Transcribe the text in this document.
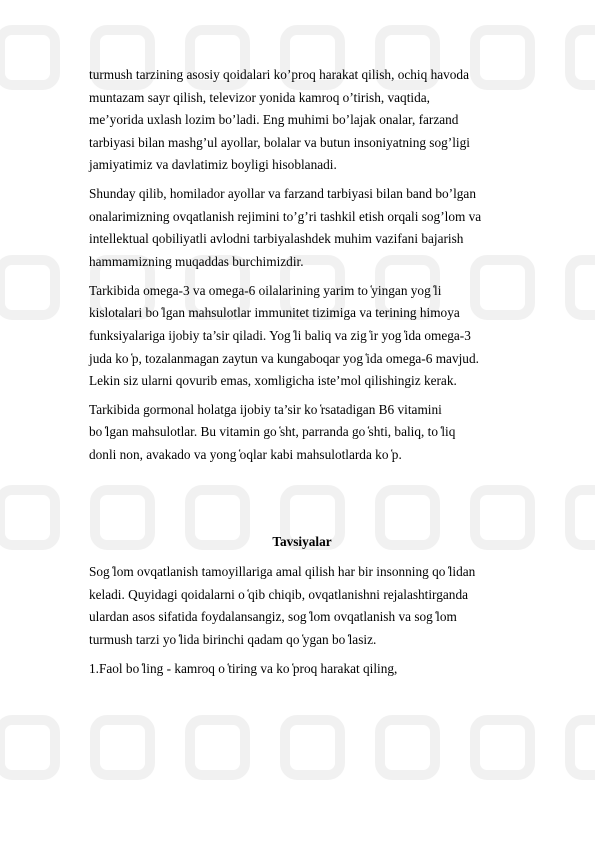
turmush tarzining asosiy qoidalari ko’proq harakat qilish, ochiq havoda
muntazam sayr qilish, televizor yonida kamroq o’tirish, vaqtida,
me’yorida uxlash lozim bo’ladi. Eng muhimi bo’lajak onalar, farzand
tarbiyasi bilan mashg’ul ayollar, bolalar va butun insoniyatning sog’ligi
jamiyatimiz va davlatimiz boyligi hisoblanadi.
Shunday qilib, homilador ayollar va farzand tarbiyasi bilan band bo’lgan
onalarimizning ovqatlanish rejimini to’g’ri tashkil etish orqali sog’lom va
intellektual qobiliyatli avlodni tarbiyalashdek muhim vazifani bajarish
hammamizning muqaddas burchimizdir.
Tarkibida omega-3 va omega-6 oilalarining yarim to ̒yingan yog ̒li
kislotalari bo ̒lgan mahsulotlar immunitet tizimiga va terining himoya
funksiyalariga ijobiy ta’sir qiladi. Yog ̒li baliq va zig ̒ir yog ̒ida omega-3
juda ko ̒p, tozalanmagan zaytun va kungaboqar yog ̒ida omega-6 mavjud.
Lekin siz ularni qovurib emas, xomligicha iste’mol qilishingiz kerak.
Tarkibida gormonal holatga ijobiy ta’sir ko ̒rsatadigan B6 vitamini
bo ̒lgan mahsulotlar. Bu vitamin go ̒sht, parranda go ̒shti, baliq, to ̒liq
donli non, avakado va yong ̒oqlar kabi mahsulotlarda ko ̒p.
Tavsiyalar
Sog ̒lom ovqatlanish tamoyillariga amal qilish har bir insonning qo ̒lidan
keladi. Quyidagi qoidalarni o ̒qib chiqib, ovqatlanishni rejalashtirganda
ulardan asos sifatida foydalansangiz, sog ̒lom ovqatlanish va sog ̒lom
turmush tarzi yo ̒lida birinchi qadam qo ̒ygan bo ̒lasiz.
1.Faol bo ̒ling - kamroq o ̒tiring va ko ̒proq harakat qiling,
